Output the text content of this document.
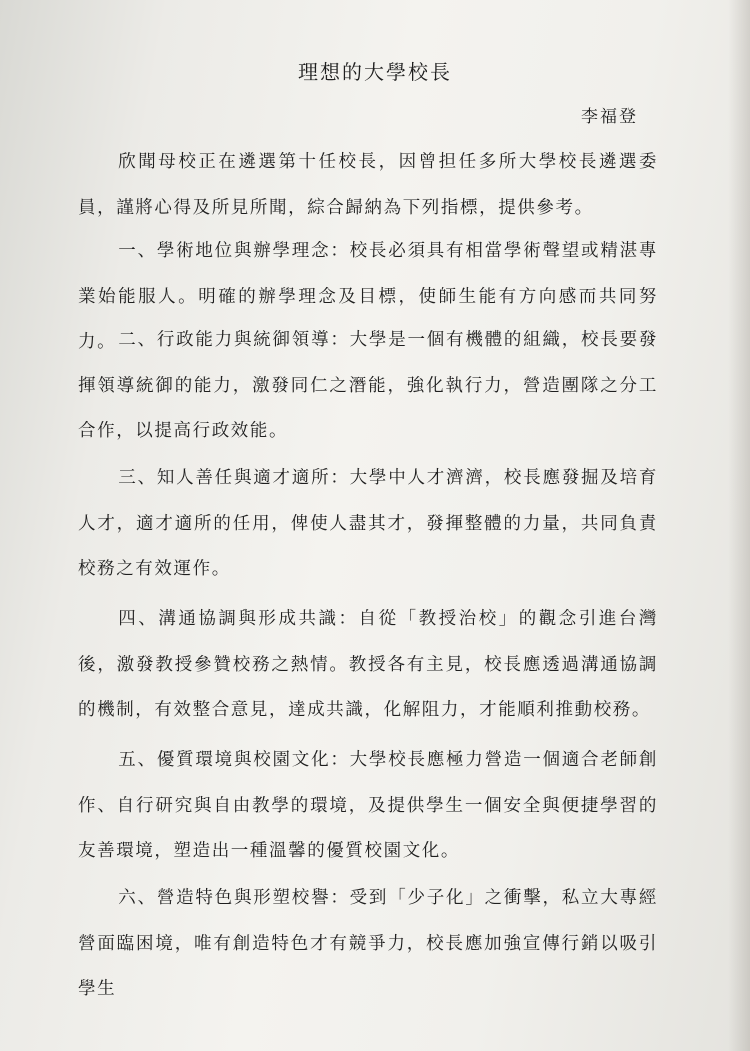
理想的大學校長

李福登

欣聞母校正在遴選第十任校長，因曾担任多所大學校長遴選委員，謹將心得及所見所聞，綜合歸納為下列指標，提供參考。

一、學術地位與辦學理念：校長必須具有相當學術聲望或精湛專業始能服人。明確的辦學理念及目標，使師生能有方向感而共同努力。 二、行政能力與統御領導：大學是一個有機體的組織，校長要發揮領導統御的能力，激發同仁之潛能，強化執行力，營造團隊之分工合作，以提高行政效能。

三、知人善任與適才適所：大學中人才濟濟，校長應發掘及培育人才，適才適所的任用，俾使人盡其才，發揮整體的力量，共同負責校務之有效運作。

四、溝通協調與形成共識：自從「教授治校」的觀念引進台灣後，激發教授參贊校務之熱情。教授各有主見，校長應透過溝通協調的機制，有效整合意見，達成共識，化解阻力，才能順利推動校務。

五、優質環境與校園文化：大學校長應極力營造一個適合老師創作、自行研究與自由教學的環境，及提供學生一個安全與便捷學習的友善環境，塑造出一種溫馨的優質校園文化。

六、營造特色與形塑校譽：受到「少子化」之衝擊，私立大專經營面臨困境，唯有創造特色才有競爭力，校長應加強宣傳行銷以吸引學生
